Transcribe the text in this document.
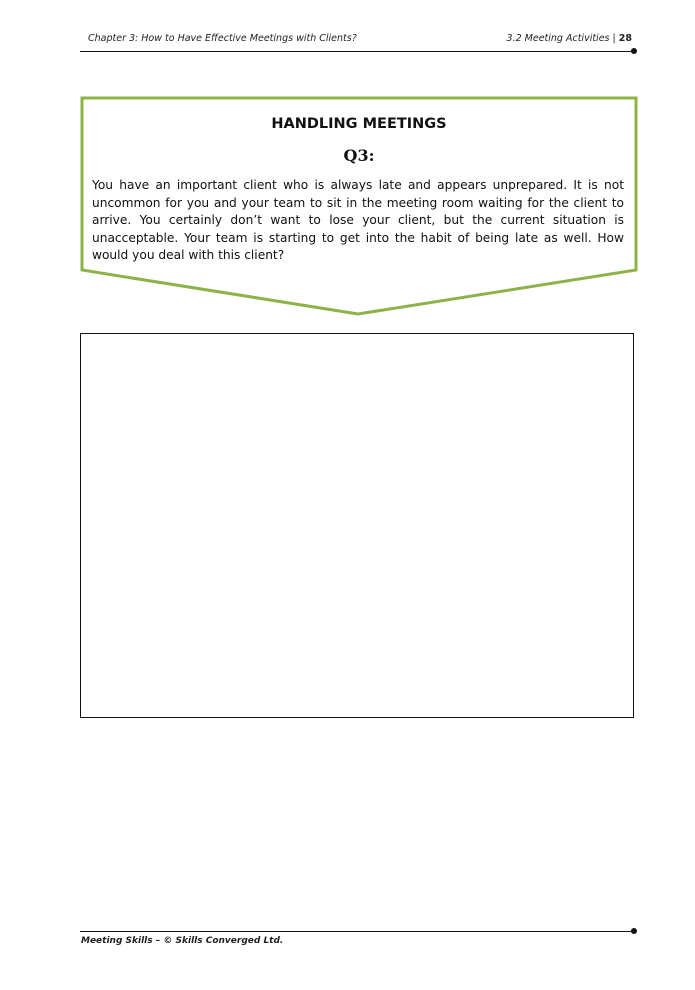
Chapter 3: How to Have Effective Meetings with Clients?	3.2 Meeting Activities | 28
HANDLING MEETINGS
Q3:
You have an important client who is always late and appears unprepared. It is not uncommon for you and your team to sit in the meeting room waiting for the client to arrive. You certainly don’t want to lose your client, but the current situation is unacceptable. Your team is starting to get into the habit of being late as well. How would you deal with this client?
Meeting Skills – © Skills Converged Ltd.
